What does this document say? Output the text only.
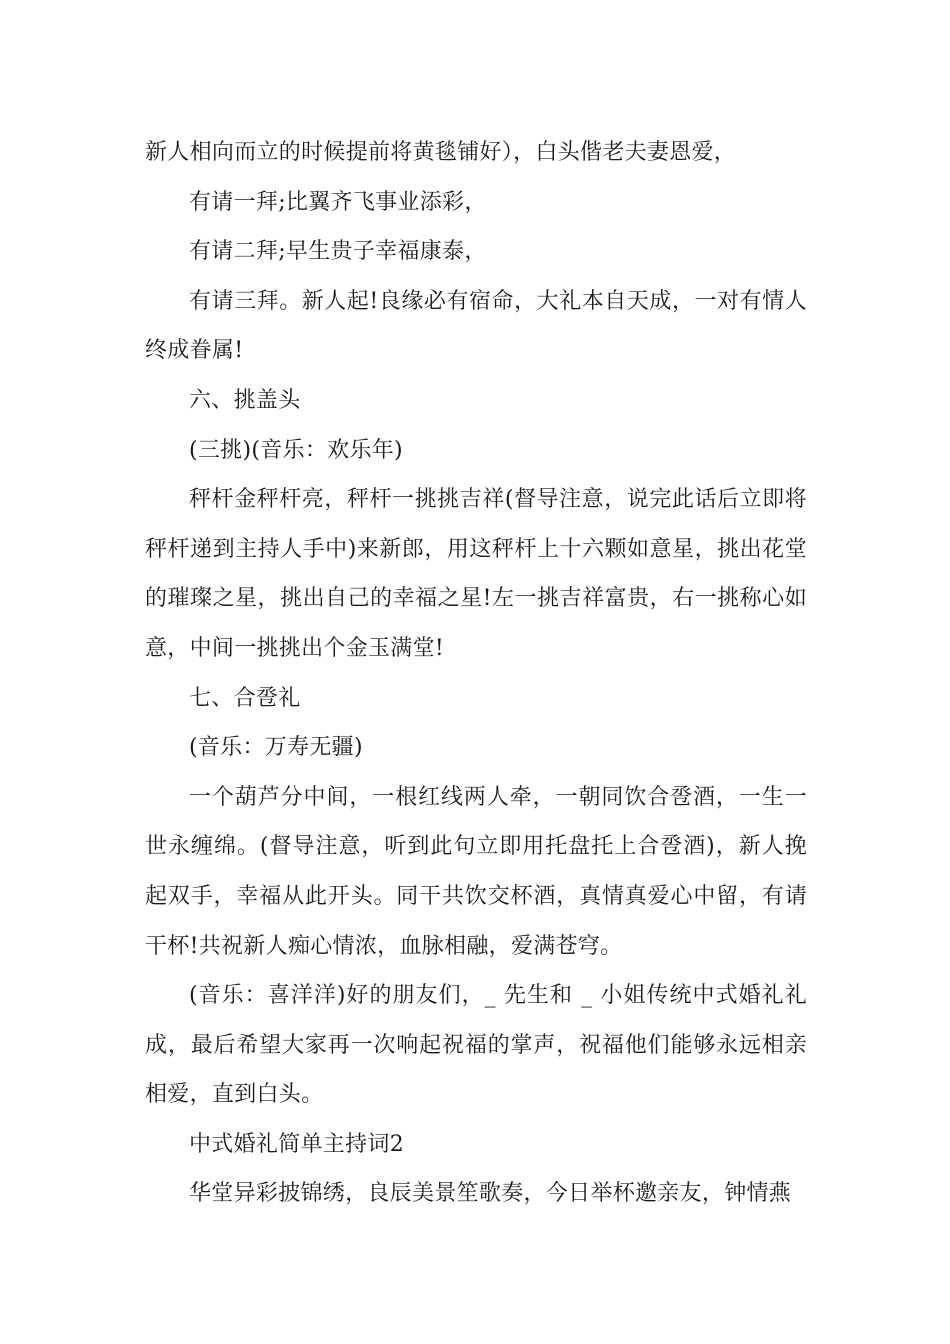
新人相向而立的时候提前将黄毯铺好），白头偕老夫妻恩爱，

有请一拜;比翼齐飞事业添彩，

有请二拜;早生贵子幸福康泰，

有请三拜。新人起!良缘必有宿命，大礼本自天成，一对有情人终成眷属!

六、挑盖头

(三挑)(音乐：欢乐年)

秤杆金秤杆亮，秤杆一挑挑吉祥(督导注意，说完此话后立即将秤杆递到主持人手中)来新郎，用这秤杆上十六颗如意星，挑出花堂的璀璨之星，挑出自己的幸福之星!左一挑吉祥富贵，右一挑称心如意，中间一挑挑出个金玉满堂!

七、合卺礼

(音乐：万寿无疆)

一个葫芦分中间，一根红线两人牵，一朝同饮合卺酒，一生一世永缠绵。(督导注意，听到此句立即用托盘托上合卺酒)，新人挽起双手，幸福从此开头。同干共饮交杯酒，真情真爱心中留，有请干杯!共祝新人痴心情浓，血脉相融，爱满苍穹。

(音乐：喜洋洋)好的朋友们，_ 先生和 _ 小姐传统中式婚礼礼成，最后希望大家再一次响起祝福的掌声，祝福他们能够永远相亲相爱，直到白头。

中式婚礼简单主持词2

华堂异彩披锦绣，良辰美景笙歌奏，今日举杯邀亲友，钟情燕
